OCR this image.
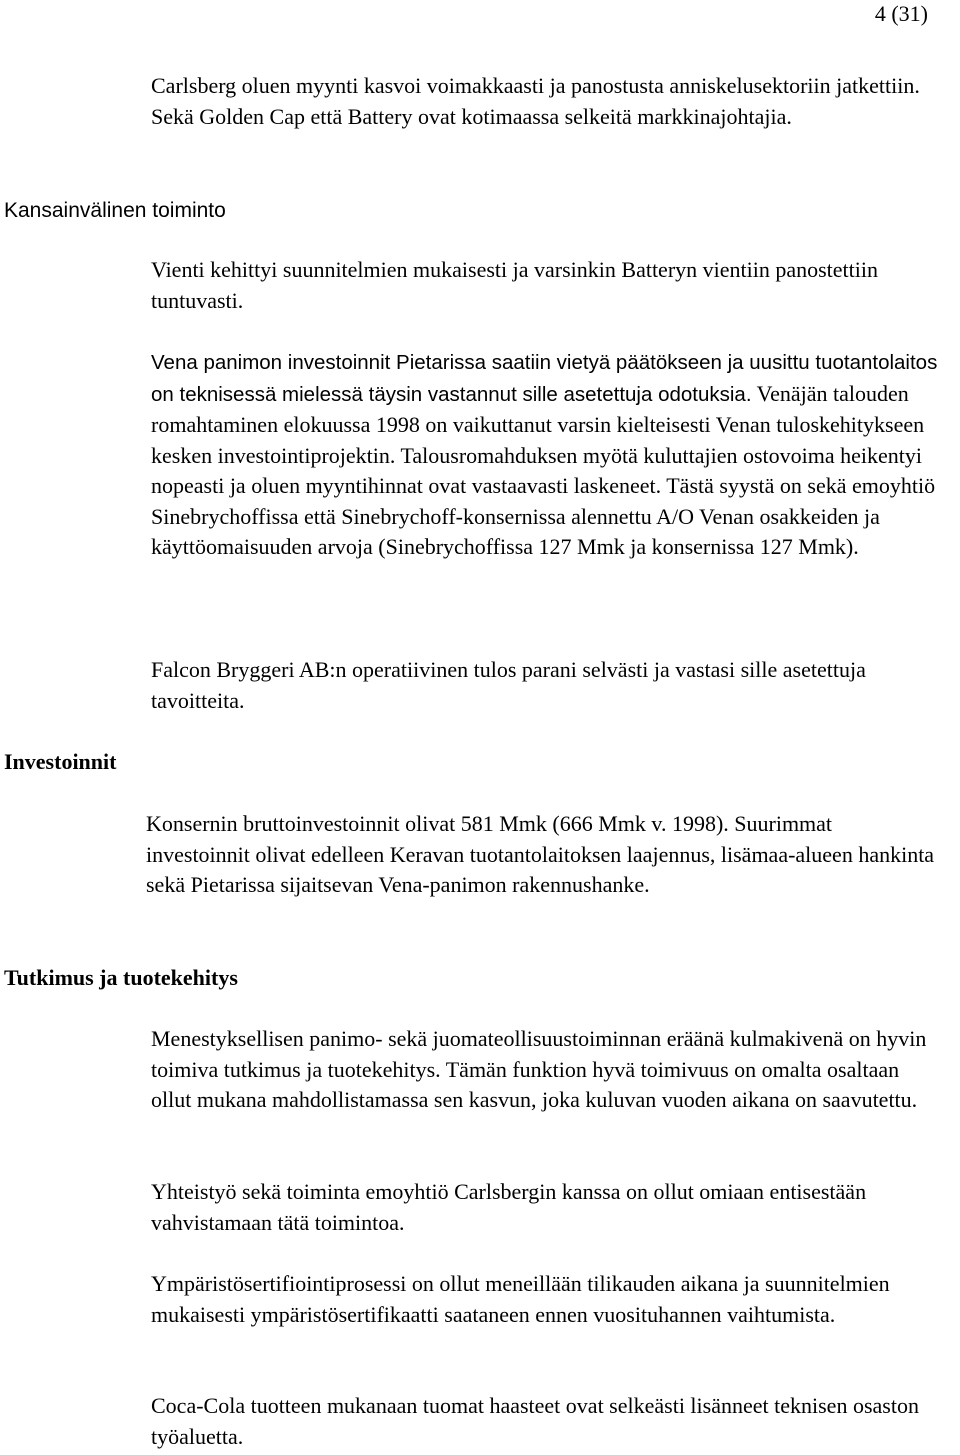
4 (31)

Carlsberg oluen myynti kasvoi voimakkaasti ja panostusta anniskelusektoriin jatkettiin. Sekä Golden Cap että Battery ovat kotimaassa selkeitä markkinajohtajia.

Kansainvälinen toiminto

Vienti kehittyi suunnitelmien mukaisesti ja varsinkin Batteryn vientiin panostettiin tuntuvasti.

Vena panimon investoinnit Pietarissa saatiin vietyä päätökseen ja uusittu tuotantolaitos on teknisessä mielessä täysin vastannut sille asetettuja odotuksia. Venäjän talouden romahtaminen elokuussa 1998 on vaikuttanut varsin kielteisesti Venan tuloskehitykseen kesken investointiprojektin. Talousromahduksen myötä kuluttajien ostovoima heikentyi nopeasti ja oluen myyntihinnat ovat vastaavasti laskeneet. Tästä syystä on sekä emoyhtiö Sinebrychoffissa että Sinebrychoff-konsernissa alennettu A/O Venan osakkeiden ja käyttöomaisuuden arvoja (Sinebrychoffissa 127 Mmk ja konsernissa 127 Mmk).

Falcon Bryggeri AB:n operatiivinen tulos parani selvästi ja vastasi sille asetettuja tavoitteita.

Investoinnit

Konsernin bruttoinvestoinnit olivat 581 Mmk (666 Mmk v. 1998). Suurimmat investoinnit olivat edelleen Keravan tuotantolaitoksen laajennus, lisämaa-alueen hankinta sekä Pietarissa sijaitsevan Vena-panimon rakennushanke.

Tutkimus ja tuotekehitys

Menestyksellisen panimo- sekä juomateollisuustoiminnan eräänä kulmakivenä on hyvin toimiva tutkimus ja tuotekehitys. Tämän funktion hyvä toimivuus on omalta osaltaan ollut mukana mahdollistamassa sen kasvun, joka kuluvan vuoden aikana on saavutettu.

Yhteistyö sekä toiminta emoyhtiö Carlsbergin kanssa on ollut omiaan entisestään vahvistamaan tätä toimintoa.

Ympäristösertifiointiprosessi on ollut meneillään tilikauden aikana ja suunnitelmien mukaisesti ympäristösertifikaatti saataneen ennen vuosituhannen vaihtumista.

Coca-Cola tuotteen mukanaan tuomat haasteet ovat selkeästi lisänneet teknisen osaston työaluetta.
